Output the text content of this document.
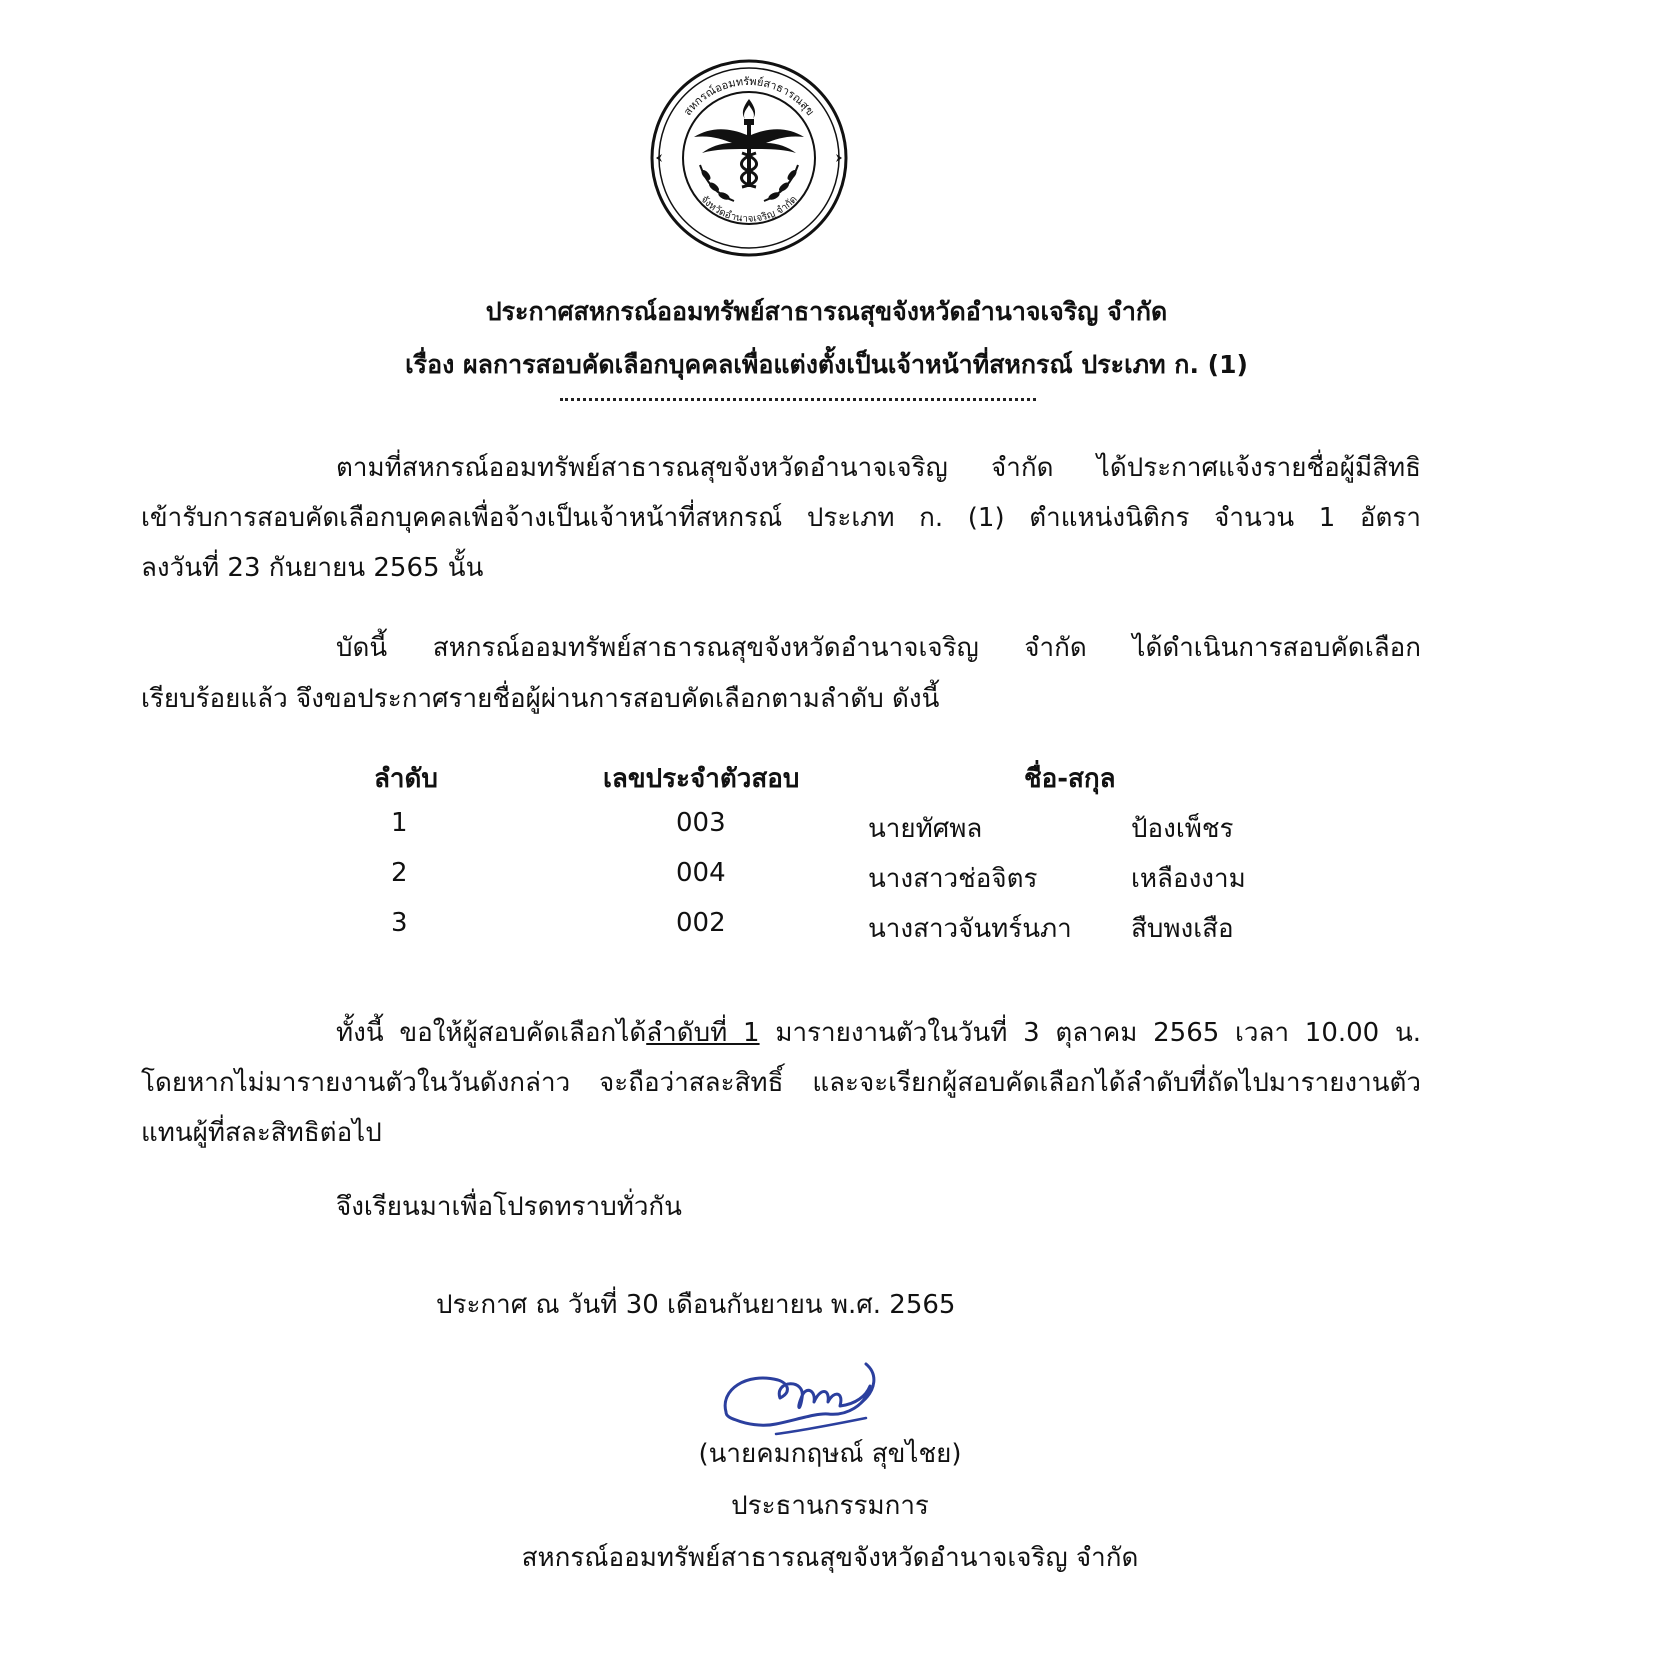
สหกรณ์ออมทรัพย์สาธารณสุข
จังหวัดอำนาจเจริญ จำกัด
ประกาศสหกรณ์ออมทรัพย์สาธารณสุขจังหวัดอำนาจเจริญ จำกัด
เรื่อง ผลการสอบคัดเลือกบุคคลเพื่อแต่งตั้งเป็นเจ้าหน้าที่สหกรณ์ ประเภท ก. (1)
ตามที่สหกรณ์ออมทรัพย์สาธารณสุขจังหวัดอำนาจเจริญ จำกัด ได้ประกาศแจ้งรายชื่อผู้มีสิทธิ
เข้ารับการสอบคัดเลือกบุคคลเพื่อจ้างเป็นเจ้าหน้าที่สหกรณ์ ประเภท ก. (1) ตำแหน่งนิติกร จำนวน 1 อัตรา
ลงวันที่ 23 กันยายน 2565 นั้น
บัดนี้ สหกรณ์ออมทรัพย์สาธารณสุขจังหวัดอำนาจเจริญ จำกัด ได้ดำเนินการสอบคัดเลือก
เรียบร้อยแล้ว จึงขอประกาศรายชื่อผู้ผ่านการสอบคัดเลือกตามลำดับ ดังนี้
ลำดับ	เลขประจำตัวสอบ	ชื่อ-สกุล
1	003	นายทัศพล	ป้องเพ็ชร
2	004	นางสาวช่อจิตร	เหลืองงาม
3	002	นางสาวจันทร์นภา สืบพงเสือ
ทั้งนี้ ขอให้ผู้สอบคัดเลือกได้ลำดับที่ 1 มารายงานตัวในวันที่ 3 ตุลาคม 2565 เวลา 10.00 น.
โดยหากไม่มารายงานตัวในวันดังกล่าว จะถือว่าสละสิทธิ์ และจะเรียกผู้สอบคัดเลือกได้ลำดับที่ถัดไปมารายงานตัว
แทนผู้ที่สละสิทธิต่อไป
จึงเรียนมาเพื่อโปรดทราบทั่วกัน
ประกาศ ณ วันที่ 30 เดือนกันยายน พ.ศ. 2565
(นายคมกฤษณ์ สุขไชย)
ประธานกรรมการ
สหกรณ์ออมทรัพย์สาธารณสุขจังหวัดอำนาจเจริญ จำกัด
